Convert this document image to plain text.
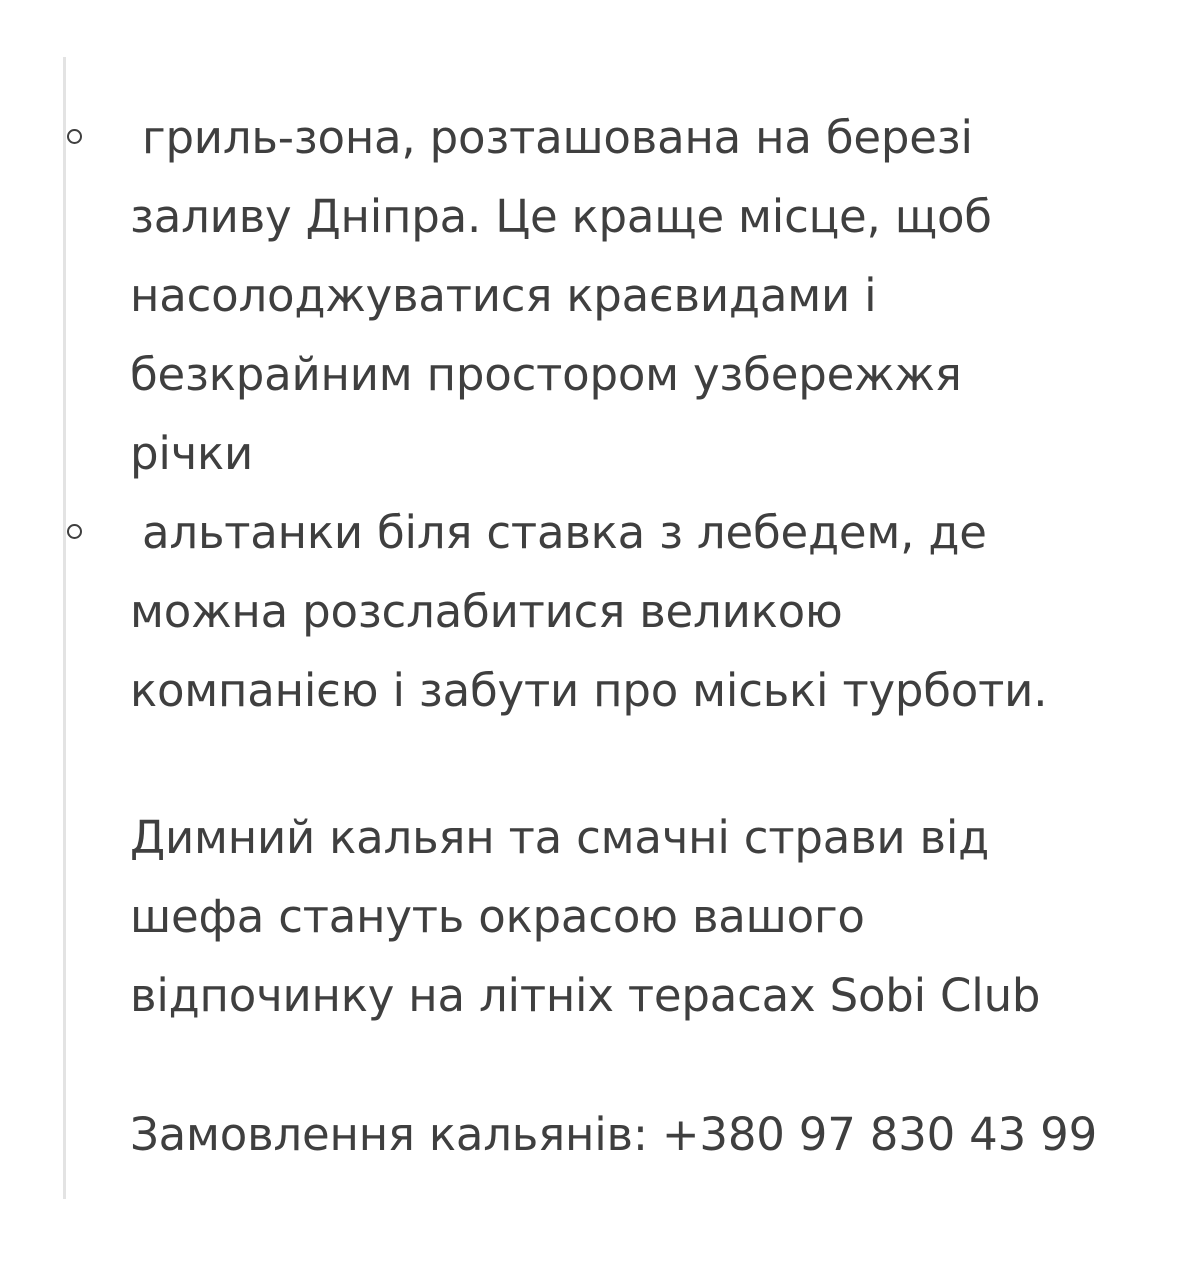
гриль-зона, розташована на березі
заливу Дніпра. Це краще місце, щоб
насолоджуватися краєвидами і
безкрайним простором узбережжя
річки
альтанки біля ставка з лебедем, де
можна розслабитися великою
компанією і забути про міські турботи.
Димний кальян та смачні страви від
шефа стануть окрасою вашого
відпочинку на літніх терасах Sobi Club
Замовлення кальянів: +380 97 830 43 99
